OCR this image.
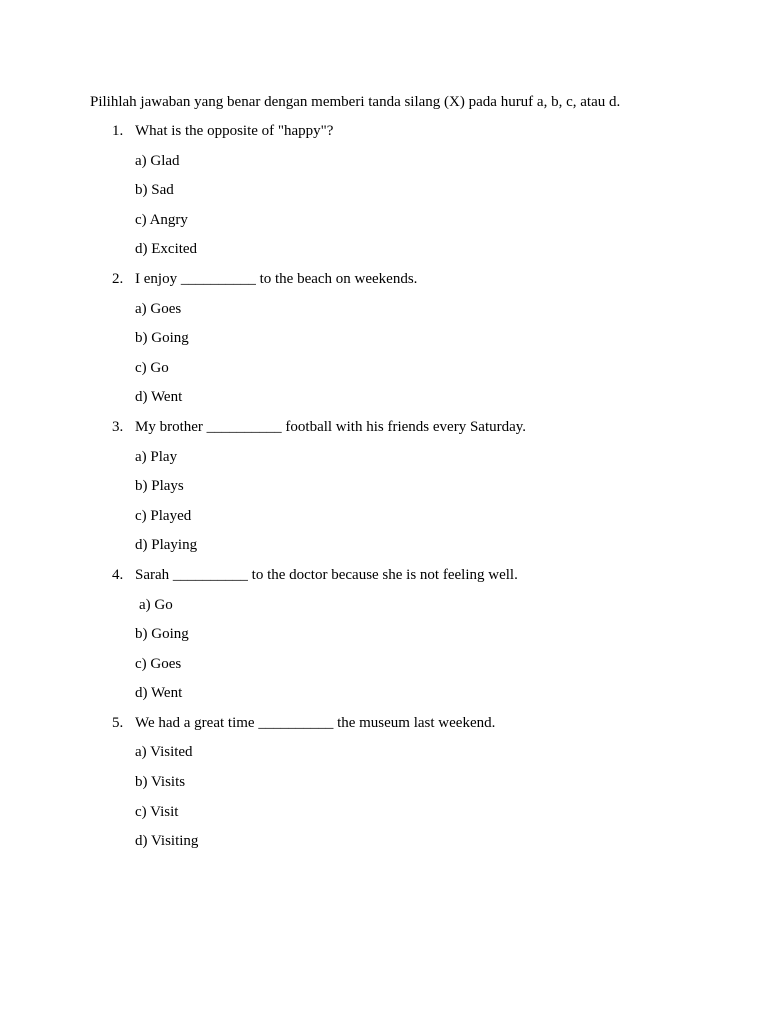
Pilihlah jawaban yang benar dengan memberi tanda silang (X) pada huruf a, b, c, atau d.
1. What is the opposite of "happy"?
a) Glad
b) Sad
c) Angry
d) Excited
2. I enjoy __________ to the beach on weekends.
a) Goes
b) Going
c) Go
d) Went
3. My brother __________ football with his friends every Saturday.
a) Play
b) Plays
c) Played
d) Playing
4. Sarah __________ to the doctor because she is not feeling well.
a) Go
b) Going
c) Goes
d) Went
5. We had a great time __________ the museum last weekend.
a) Visited
b) Visits
c) Visit
d) Visiting
